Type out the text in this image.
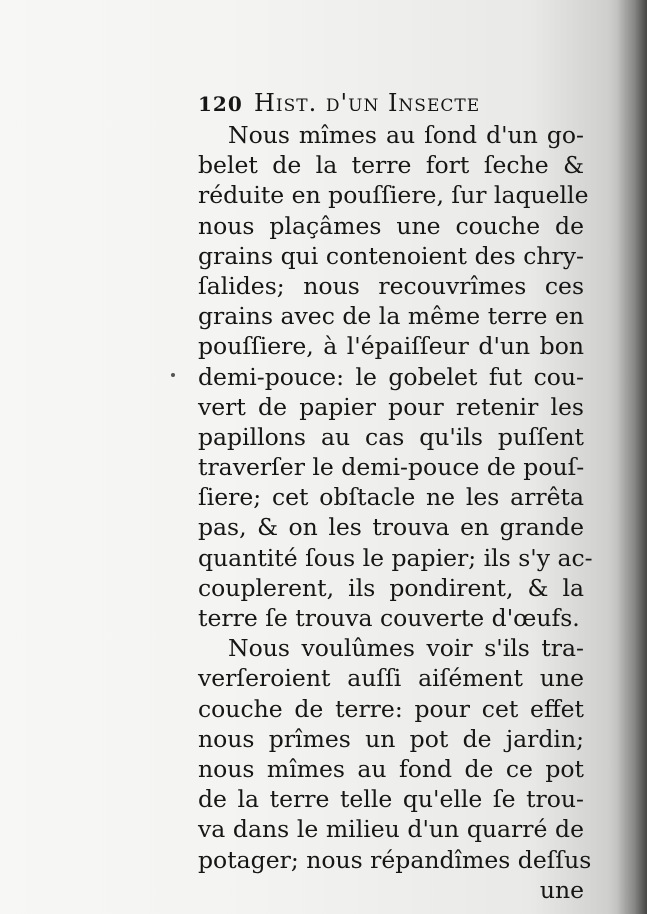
120 Hist. d'un Insecte
Nous mîmes au ſond d'un go-
belet de la terre fort ſeche &
réduite en pouſſiere, ſur laquelle
nous plaçâmes une couche de
grains qui contenoient des chry-
ſalides; nous recouvrîmes ces
grains avec de la même terre en
pouſſiere, à l'épaiſſeur d'un bon
demi-pouce: le gobelet fut cou-
vert de papier pour retenir les
papillons au cas qu'ils puſſent
traverſer le demi-pouce de pouſ-
ſiere; cet obſtacle ne les arrêta
pas, & on les trouva en grande
quantité ſous le papier; ils s'y ac-
couplerent, ils pondirent, & la
terre ſe trouva couverte d'œufs.
Nous voulûmes voir s'ils tra-
verſeroient auſſi aiſément une
couche de terre: pour cet effet
nous prîmes un pot de jardin;
nous mîmes au fond de ce pot
de la terre telle qu'elle ſe trou-
va dans le milieu d'un quarré de
potager; nous répandîmes deſſus
une
